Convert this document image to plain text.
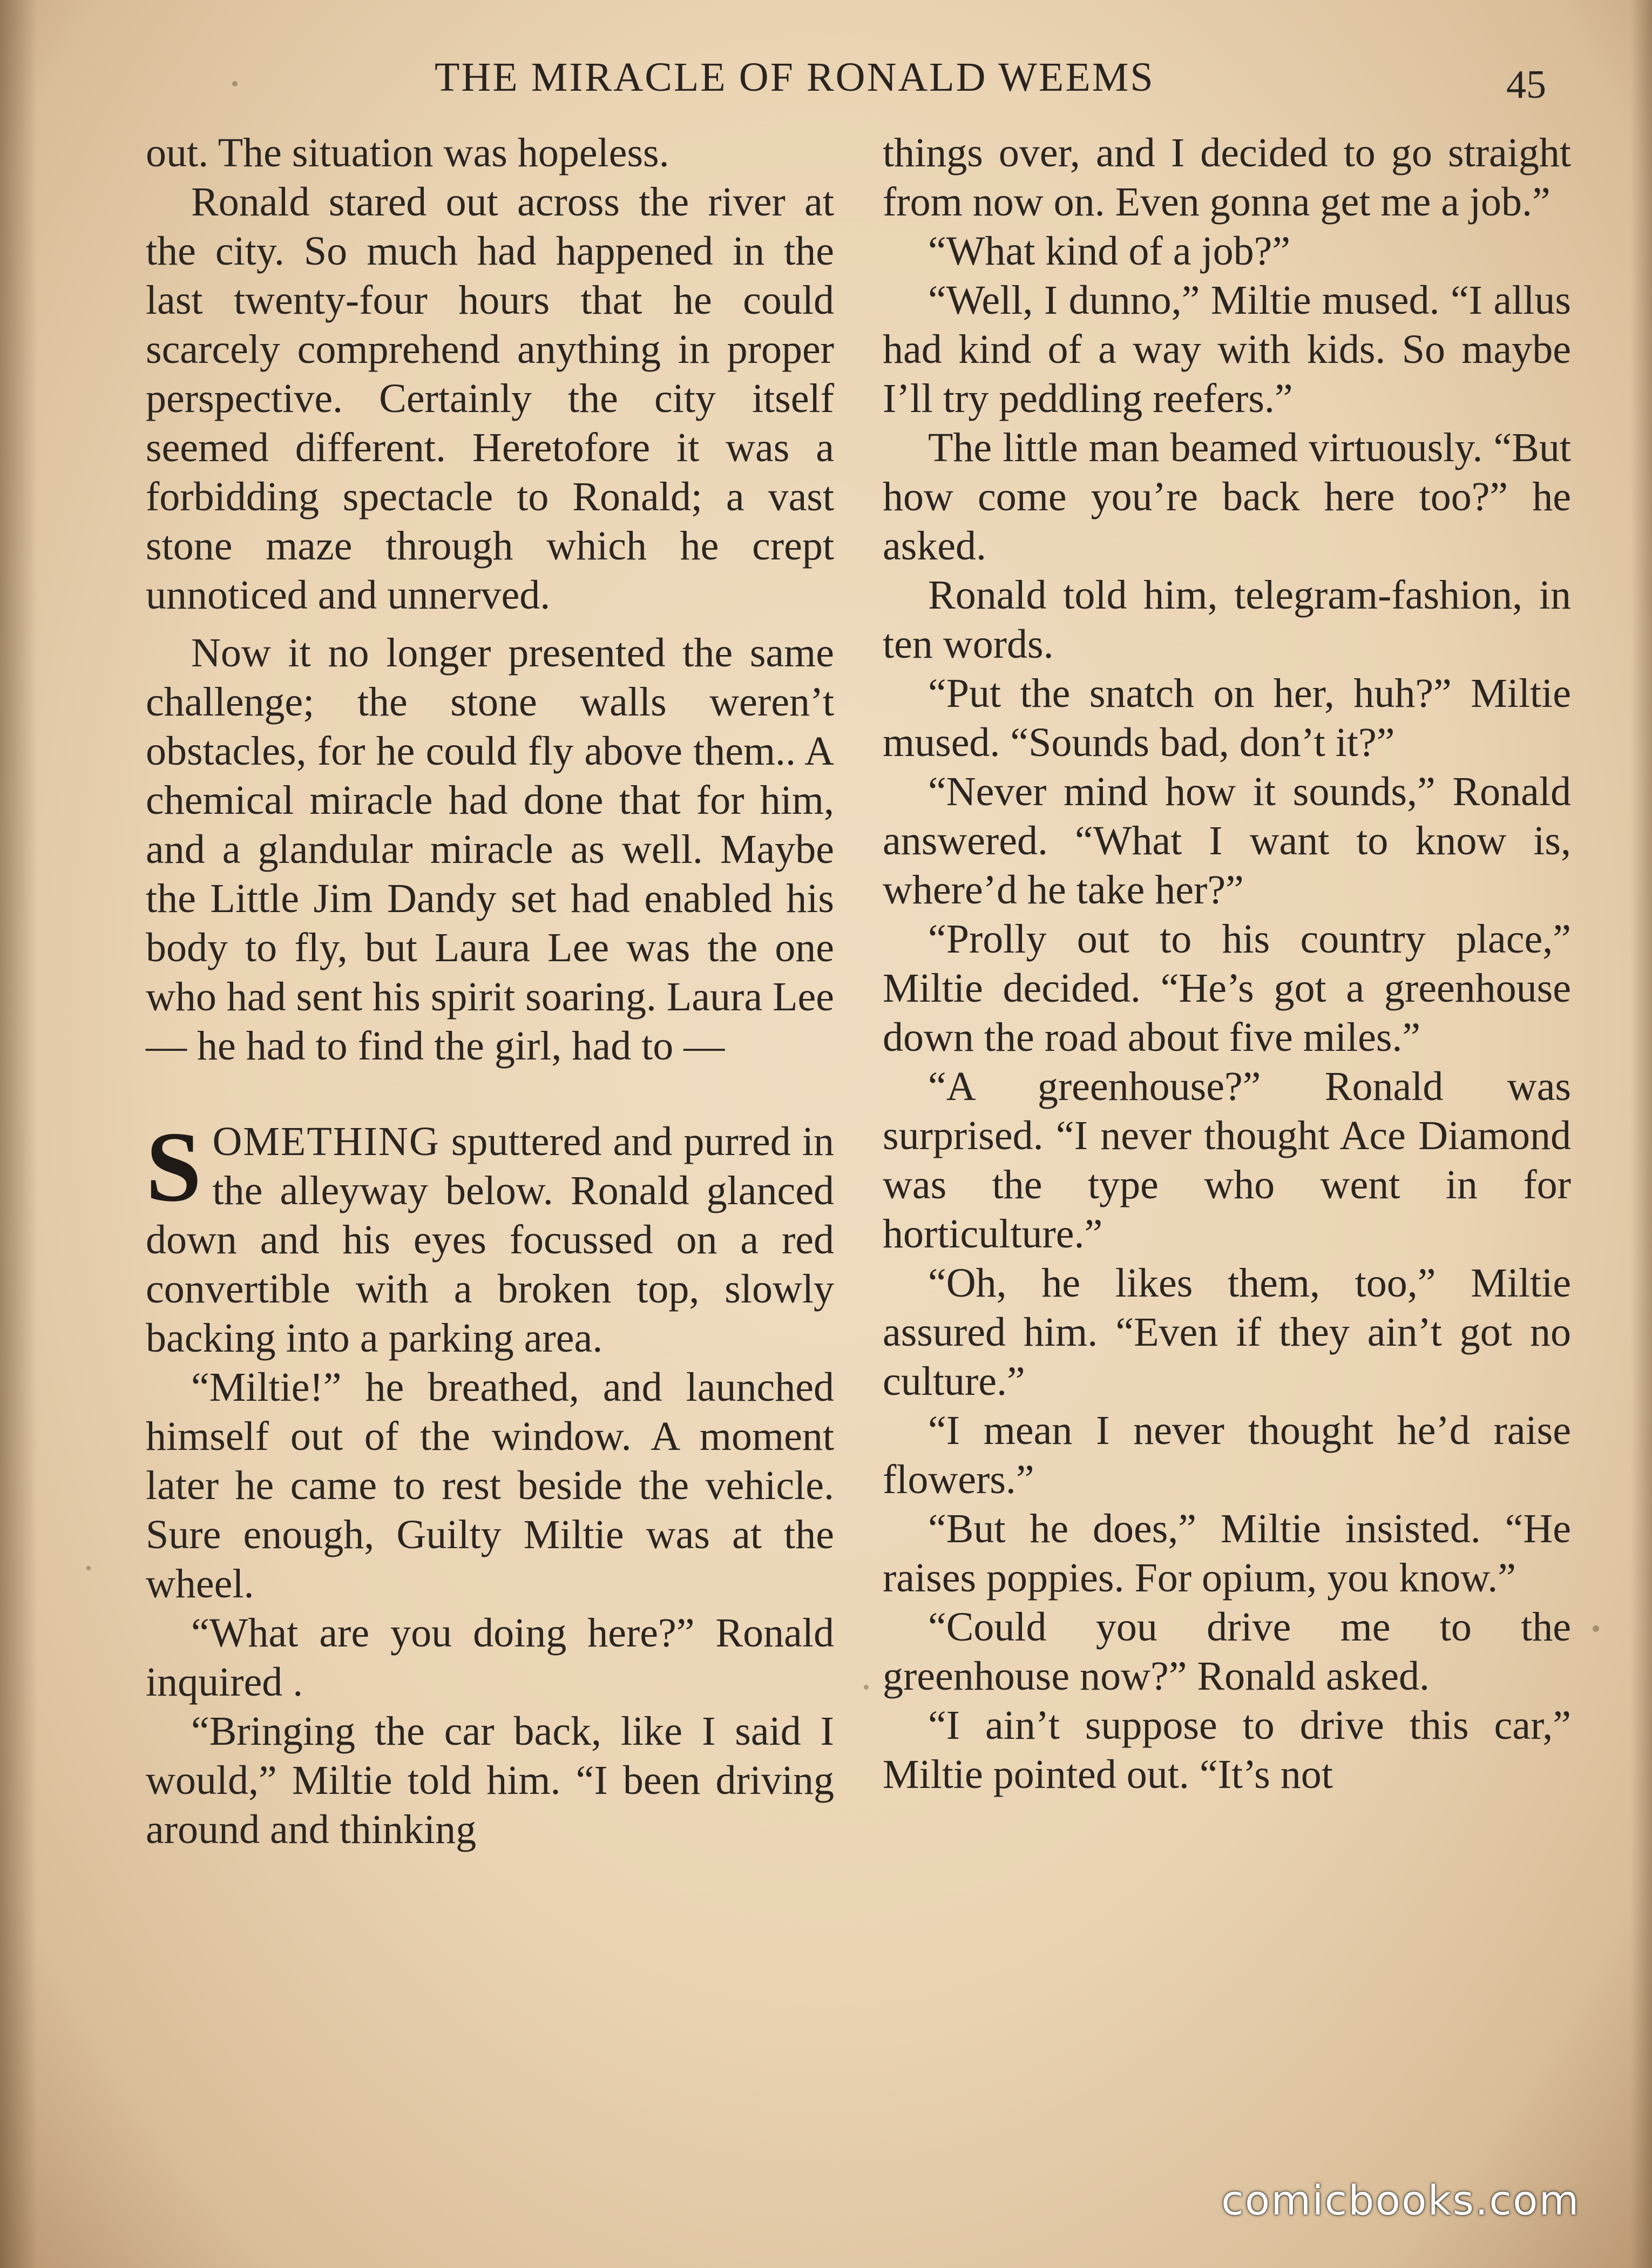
THE MIRACLE OF RONALD WEEMS	45

out. The situation was hopeless.

Ronald stared out across the river at the city. So much had happened in the last twenty-four hours that he could scarcely comprehend anything in proper perspective. Certainly the city itself seemed different. Heretofore it was a forbidding spectacle to Ronald; a vast stone maze through which he crept unnoticed and unnerved.

Now it no longer presented the same challenge; the stone walls weren’t obstacles, for he could fly above them.. A chemical miracle had done that for him, and a glandular miracle as well. Maybe the Little Jim Dandy set had enabled his body to fly, but Laura Lee was the one who had sent his spirit soaring. Laura Lee — he had to find the girl, had to —

SOMETHING sputtered and purred in the alleyway below. Ronald glanced down and his eyes focussed on a red convertible with a broken top, slowly backing into a parking area.

“Miltie!” he breathed, and launched himself out of the window. A moment later he came to rest beside the vehicle. Sure enough, Guilty Miltie was at the wheel.

“What are you doing here?” Ronald inquired .

“Bringing the car back, like I said I would,” Miltie told him. “I been driving around and thinking

things over, and I decided to go straight from now on. Even gonna get me a job.”

“What kind of a job?”

“Well, I dunno,” Miltie mused. “I allus had kind of a way with kids. So maybe I’ll try peddling reefers.”

The little man beamed virtuously. “But how come you’re back here too?” he asked.

Ronald told him, telegram-fashion, in ten words.

“Put the snatch on her, huh?” Miltie mused. “Sounds bad, don’t it?”

“Never mind how it sounds,” Ronald answered. “What I want to know is, where’d he take her?”

“Prolly out to his country place,” Miltie decided. “He’s got a greenhouse down the road about five miles.”

“A greenhouse?” Ronald was surprised. “I never thought Ace Diamond was the type who went in for horticulture.”

“Oh, he likes them, too,” Miltie assured him. “Even if they ain’t got no culture.”

“I mean I never thought he’d raise flowers.”

“But he does,” Miltie insisted. “He raises poppies. For opium, you know.”

“Could you drive me to the greenhouse now?” Ronald asked.

“I ain’t suppose to drive this car,” Miltie pointed out. “It’s not

comicbooks.com
